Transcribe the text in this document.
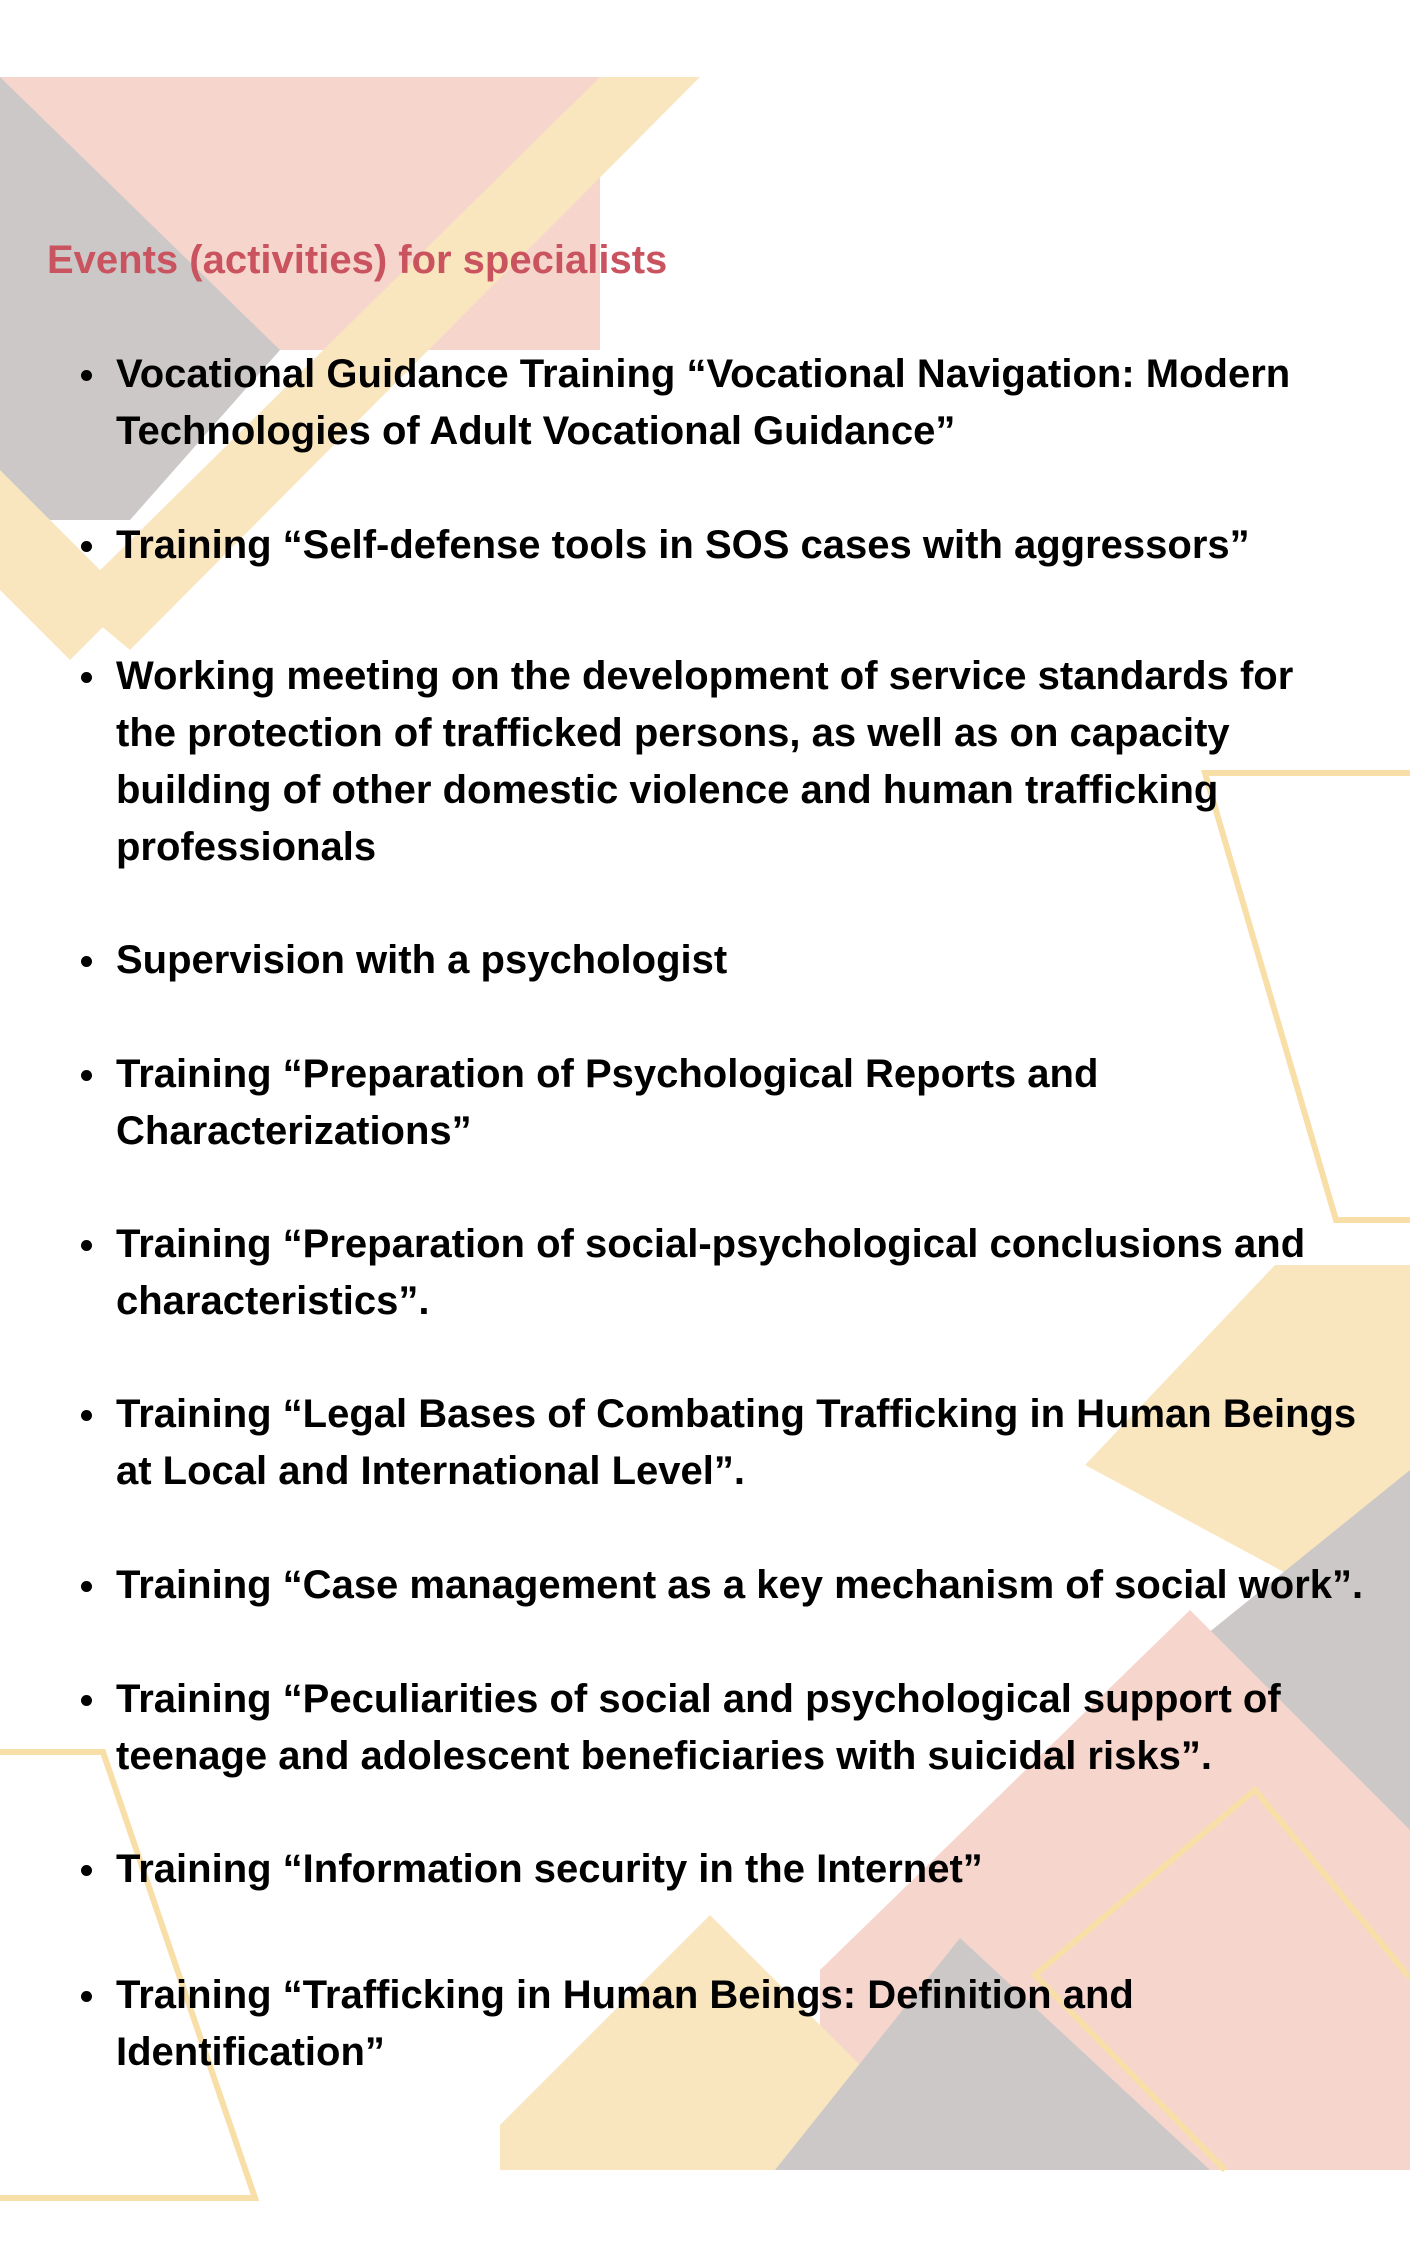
Events (activities) for specialists

Vocational Guidance Training “Vocational Navigation: Modern Technologies of Adult Vocational Guidance”

Training “Self-defense tools in SOS cases with aggressors”

Working meeting on the development of service standards for the protection of trafficked persons, as well as on capacity building of other domestic violence and human trafficking professionals

Supervision with a psychologist

Training “Preparation of Psychological Reports and Characterizations”

Training “Preparation of social-psychological conclusions and characteristics”.

Training “Legal Bases of Combating Trafficking in Human Beings at Local and International Level”.

Training “Case management as a key mechanism of social work”.

Training “Peculiarities of social and psychological support of teenage and adolescent beneficiaries with suicidal risks”.

Training “Information security in the Internet”

Training “Trafficking in Human Beings: Definition and Identification”
